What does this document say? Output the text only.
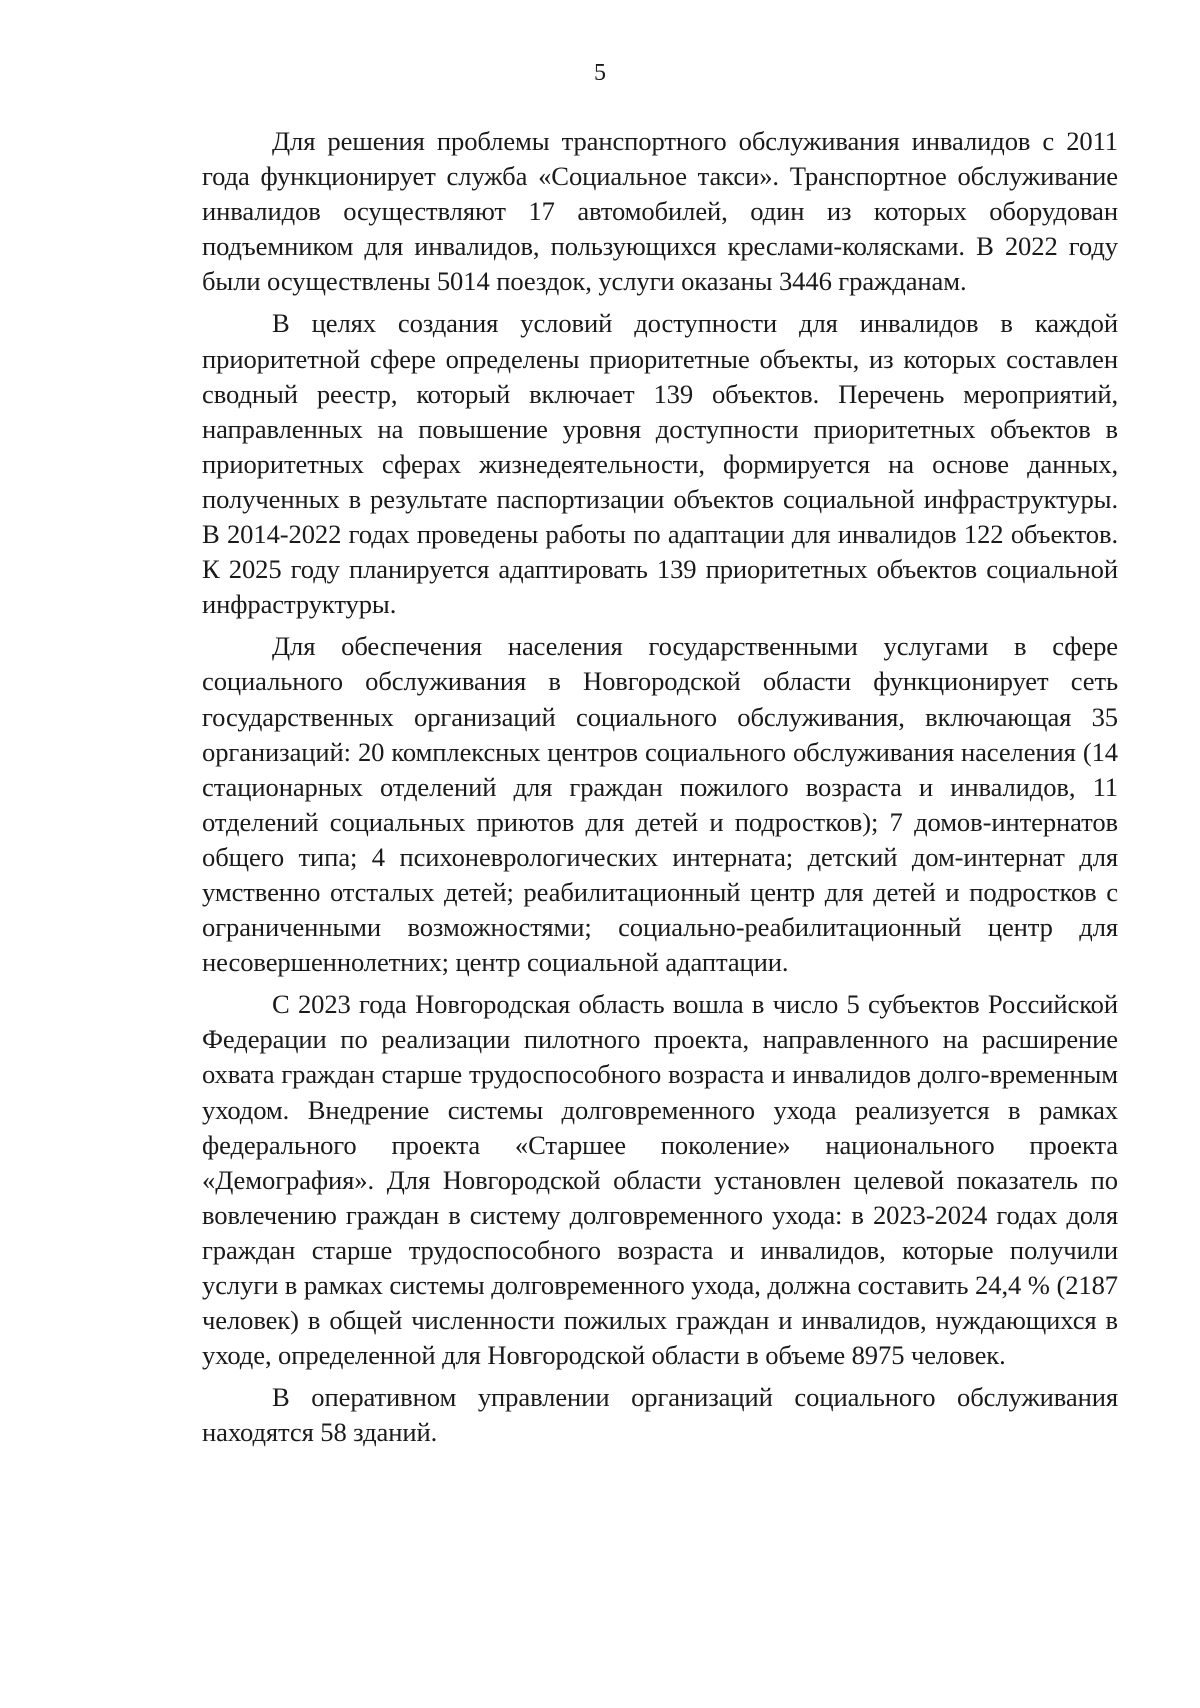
5

Для решения проблемы транспортного обслуживания инвалидов с 2011 года функционирует служба «Социальное такси». Транспортное обслуживание инвалидов осуществляют 17 автомобилей, один из которых оборудован подъемником для инвалидов, пользующихся креслами-колясками. В 2022 году были осуществлены 5014 поездок, услуги оказаны 3446 гражданам.

В целях создания условий доступности для инвалидов в каждой приоритетной сфере определены приоритетные объекты, из которых составлен сводный реестр, который включает 139 объектов. Перечень мероприятий, направленных на повышение уровня доступности приоритетных объектов в приоритетных сферах жизнедеятельности, формируется на основе данных, полученных в результате паспортизации объектов социальной инфраструктуры. В 2014-2022 годах проведены работы по адаптации для инвалидов 122 объектов. К 2025 году планируется адаптировать 139 приоритетных объектов социальной инфраструктуры.

Для обеспечения населения государственными услугами в сфере социального обслуживания в Новгородской области функционирует сеть государственных организаций социального обслуживания, включающая 35 организаций: 20 комплексных центров социального обслуживания населения (14 стационарных отделений для граждан пожилого возраста и инвалидов, 11 отделений социальных приютов для детей и подростков); 7 домов-интернатов общего типа; 4 психоневрологических интерната; детский дом-интернат для умственно отсталых детей; реабилитационный центр для детей и подростков с ограниченными возможностями; социально-реабилитационный центр для несовершеннолетних; центр социальной адаптации.

С 2023 года Новгородская область вошла в число 5 субъектов Российской Федерации по реализации пилотного проекта, направленного на расширение охвата граждан старше трудоспособного возраста и инвалидов долго-временным уходом. Внедрение системы долговременного ухода реализуется в рамках федерального проекта «Старшее поколение» национального проекта «Демография». Для Новгородской области установлен целевой показатель по вовлечению граждан в систему долговременного ухода: в 2023-2024 годах доля граждан старше трудоспособного возраста и инвалидов, которые получили услуги в рамках системы долговременного ухода, должна составить 24,4 % (2187 человек) в общей численности пожилых граждан и инвалидов, нуждающихся в уходе, определенной для Новгородской области в объеме 8975 человек.

В оперативном управлении организаций социального обслуживания находятся 58 зданий.
